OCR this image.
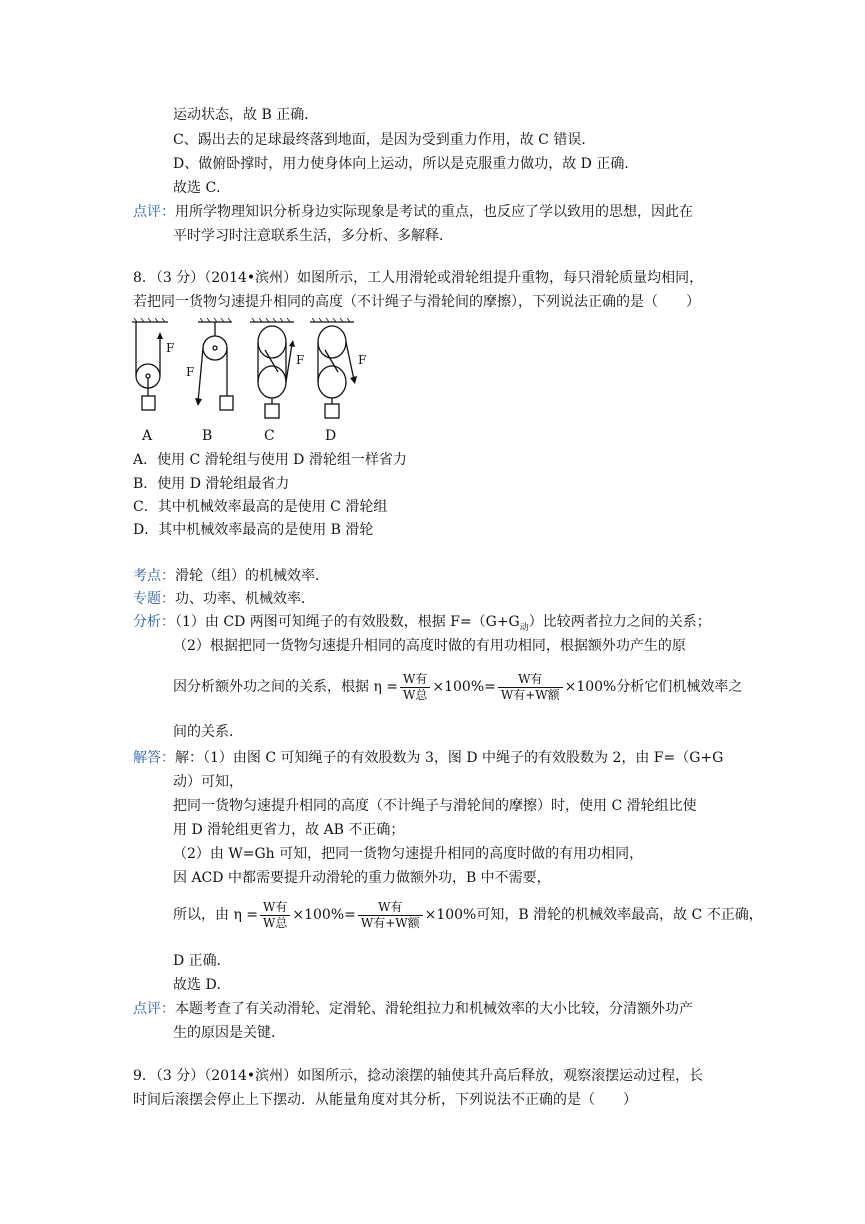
运动状态，故 B 正确．
C、踢出去的足球最终落到地面，是因为受到重力作用，故 C 错误．
D、做俯卧撑时，用力使身体向上运动，所以是克服重力做功，故 D 正确．
故选 C．
点评：用所学物理知识分析身边实际现象是考试的重点，也反应了学以致用的思想，因此在
平时学习时注意联系生活，多分析、多解释．
8．（3 分）（2014•滨州）如图所示，工人用滑轮或滑轮组提升重物，每只滑轮质量均相同，
若把同一货物匀速提升相同的高度（不计绳子与滑轮间的摩擦），下列说法正确的是（　　）
F
F
F	F
A	B	C	D
A．使用 C 滑轮组与使用 D 滑轮组一样省力
B．使用 D 滑轮组最省力
C．其中机械效率最高的是使用 C 滑轮组
D．其中机械效率最高的是使用 B 滑轮
考点：滑轮（组）的机械效率．
专题：功、功率、机械效率．
分析：（1）由 CD 两图可知绳子的有效股数，根据 $F=(G+G_动)$比较两者拉力之间的关系；
（2）根据把同一货物匀速提升相同的高度时做的有用功相同，根据额外功产生的原
因分析额外功之间的关系，根据 $\eta = \frac{\text{W有}}{\text{W总}} \times 100\%= \frac{\text{W有}}{\text{W有+W额}} \times 100\%$分析它们机械效率之
间的关系．
解答：解：（1）由图 C 可知绳子的有效股数为 3，图 D 中绳子的有效股数为 2，由 F=（G+G
动）可知，
把同一货物匀速提升相同的高度（不计绳子与滑轮间的摩擦）时，使用 C 滑轮组比使
用 D 滑轮组更省力，故 AB 不正确；
（2）由 W=Gh 可知，把同一货物匀速提升相同的高度时做的有用功相同，
因 ACD 中都需要提升动滑轮的重力做额外功，B 中不需要，
所以，由 $\eta = \frac{\text{W有}}{\text{W总}} \times 100\%= \frac{\text{W有}}{\text{W有+W额}} \times 100\%$可知，B 滑轮的机械效率最高，故 C 不正确，
D 正确．
故选 D．
点评：本题考查了有关动滑轮、定滑轮、滑轮组拉力和机械效率的大小比较，分清额外功产
生的原因是关键．
9．（3 分）（2014•滨州）如图所示，捻动滚摆的轴使其升高后释放，观察滚摆运动过程，长
时间后滚摆会停止上下摆动．从能量角度对其分析，下列说法不正确的是（　　）
